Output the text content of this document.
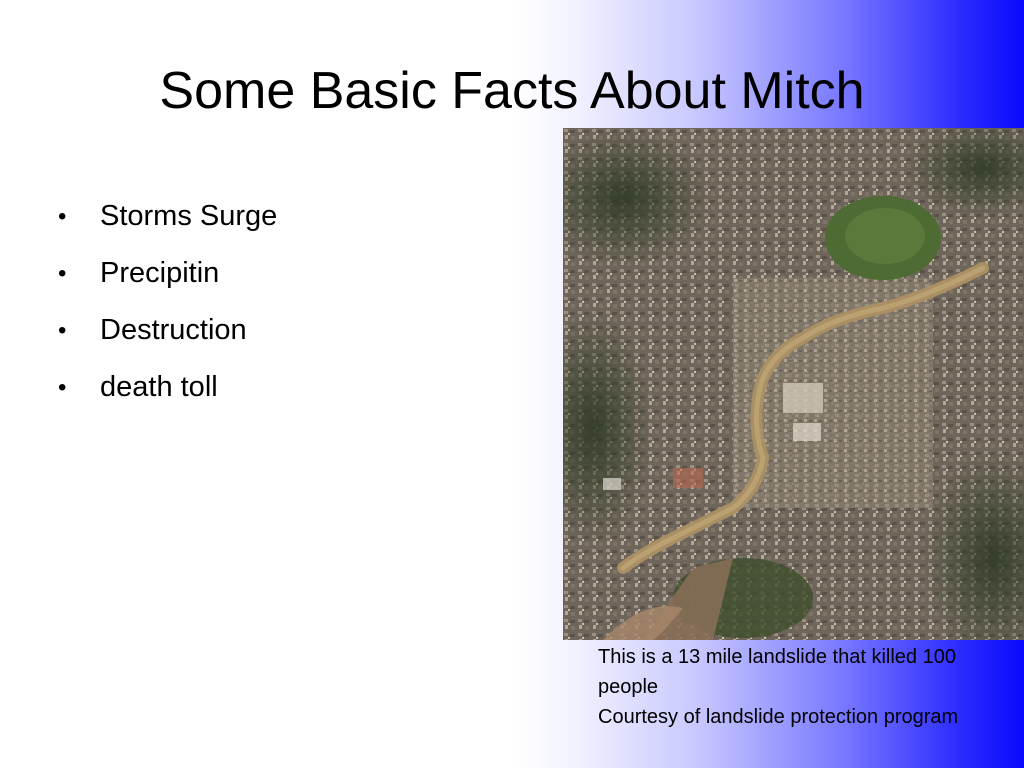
Some Basic Facts About Mitch
• Storms Surge
• Precipitin
• Destruction
• death toll

This is a 13 mile landslide that killed 100 people

Courtesy of landslide protection program
